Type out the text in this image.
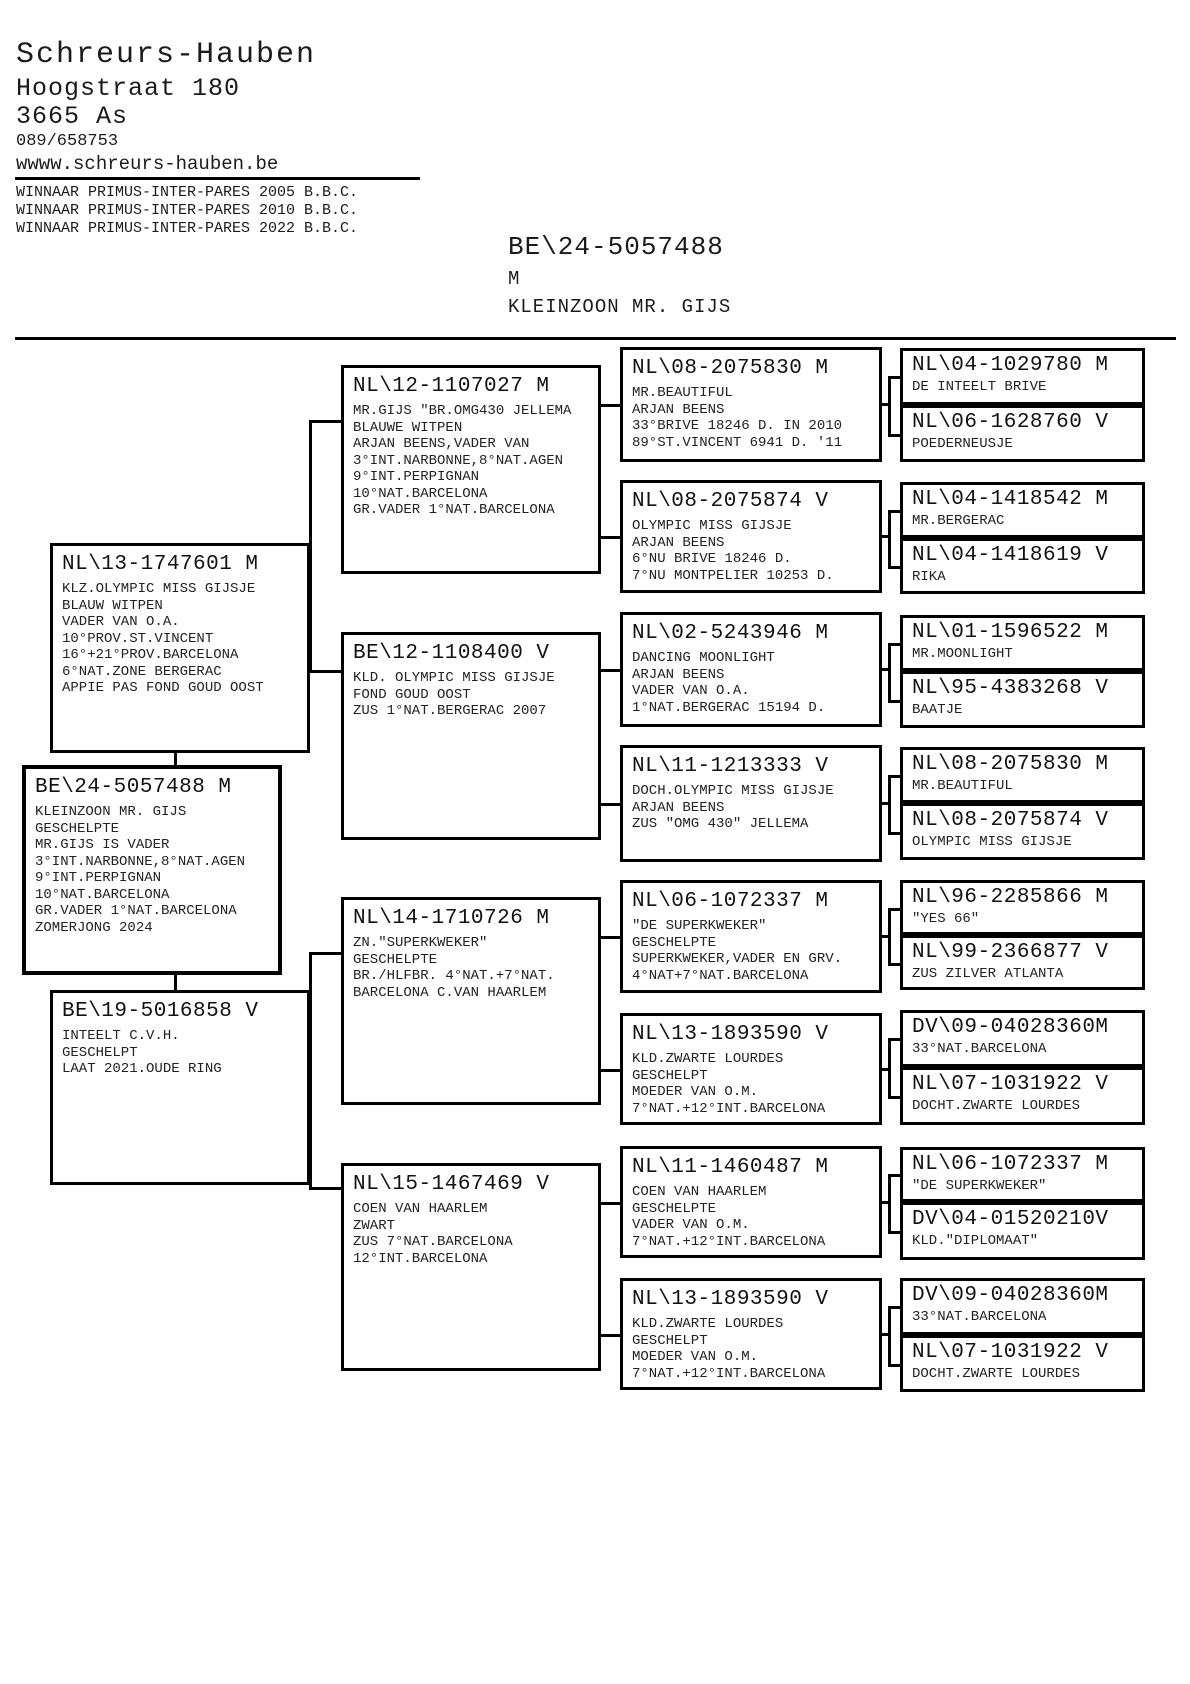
Schreurs-Hauben
Hoogstraat 180
3665 As
089/658753
wwww.schreurs-hauben.be
WINNAAR PRIMUS-INTER-PARES 2005 B.B.C.
WINNAAR PRIMUS-INTER-PARES 2010 B.B.C.
WINNAAR PRIMUS-INTER-PARES 2022 B.B.C.
BE\24-5057488
M
KLEINZOON MR. GIJS
NL\13-1747601 M
KLZ.OLYMPIC MISS GIJSJE
BLAUW WITPEN
VADER VAN O.A.
10°PROV.ST.VINCENT
16°+21°PROV.BARCELONA
6°NAT.ZONE BERGERAC
APPIE PAS FOND GOUD OOST
BE\24-5057488 M
KLEINZOON MR. GIJS
GESCHELPTE
MR.GIJS IS VADER
3°INT.NARBONNE,8°NAT.AGEN
9°INT.PERPIGNAN
10°NAT.BARCELONA
GR.VADER 1°NAT.BARCELONA
ZOMERJONG 2024
BE\19-5016858 V
INTEELT C.V.H.
GESCHELPT
LAAT 2021.OUDE RING
NL\12-1107027 M
MR.GIJS "BR.OMG430 JELLEMA
BLAUWE WITPEN
ARJAN BEENS,VADER VAN
3°INT.NARBONNE,8°NAT.AGEN
9°INT.PERPIGNAN
10°NAT.BARCELONA
GR.VADER 1°NAT.BARCELONA
BE\12-1108400 V
KLD. OLYMPIC MISS GIJSJE
FOND GOUD OOST
ZUS 1°NAT.BERGERAC 2007
NL\14-1710726 M
ZN."SUPERKWEKER"
GESCHELPTE
BR./HLFBR. 4°NAT.+7°NAT.
BARCELONA C.VAN HAARLEM
NL\15-1467469 V
COEN VAN HAARLEM
ZWART
ZUS 7°NAT.BARCELONA
12°INT.BARCELONA
NL\08-2075830 M
MR.BEAUTIFUL
ARJAN BEENS
33°BRIVE 18246 D. IN 2010
89°ST.VINCENT 6941 D. '11
NL\08-2075874 V
OLYMPIC MISS GIJSJE
ARJAN BEENS
6°NU BRIVE 18246 D.
7°NU MONTPELIER 10253 D.
NL\02-5243946 M
DANCING MOONLIGHT
ARJAN BEENS
VADER VAN O.A.
1°NAT.BERGERAC 15194 D.
NL\11-1213333 V
DOCH.OLYMPIC MISS GIJSJE
ARJAN BEENS
ZUS "OMG 430" JELLEMA
NL\06-1072337 M
"DE SUPERKWEKER"
GESCHELPTE
SUPERKWEKER,VADER EN GRV.
4°NAT+7°NAT.BARCELONA
NL\13-1893590 V
KLD.ZWARTE LOURDES
GESCHELPT
MOEDER VAN O.M.
7°NAT.+12°INT.BARCELONA
NL\11-1460487 M
COEN VAN HAARLEM
GESCHELPTE
VADER VAN O.M.
7°NAT.+12°INT.BARCELONA
NL\13-1893590 V
KLD.ZWARTE LOURDES
GESCHELPT
MOEDER VAN O.M.
7°NAT.+12°INT.BARCELONA
NL\04-1029780 M
DE INTEELT BRIVE
NL\06-1628760 V
POEDERNEUSJE
NL\04-1418542 M
MR.BERGERAC
NL\04-1418619 V
RIKA
NL\01-1596522 M
MR.MOONLIGHT
NL\95-4383268 V
BAATJE
NL\08-2075830 M
MR.BEAUTIFUL
NL\08-2075874 V
OLYMPIC MISS GIJSJE
NL\96-2285866 M
"YES 66"
NL\99-2366877 V
ZUS ZILVER ATLANTA
DV\09-04028360M
33°NAT.BARCELONA
NL\07-1031922 V
DOCHT.ZWARTE LOURDES
NL\06-1072337 M
"DE SUPERKWEKER"
DV\04-01520210V
KLD."DIPLOMAAT"
DV\09-04028360M
33°NAT.BARCELONA
NL\07-1031922 V
DOCHT.ZWARTE LOURDES
